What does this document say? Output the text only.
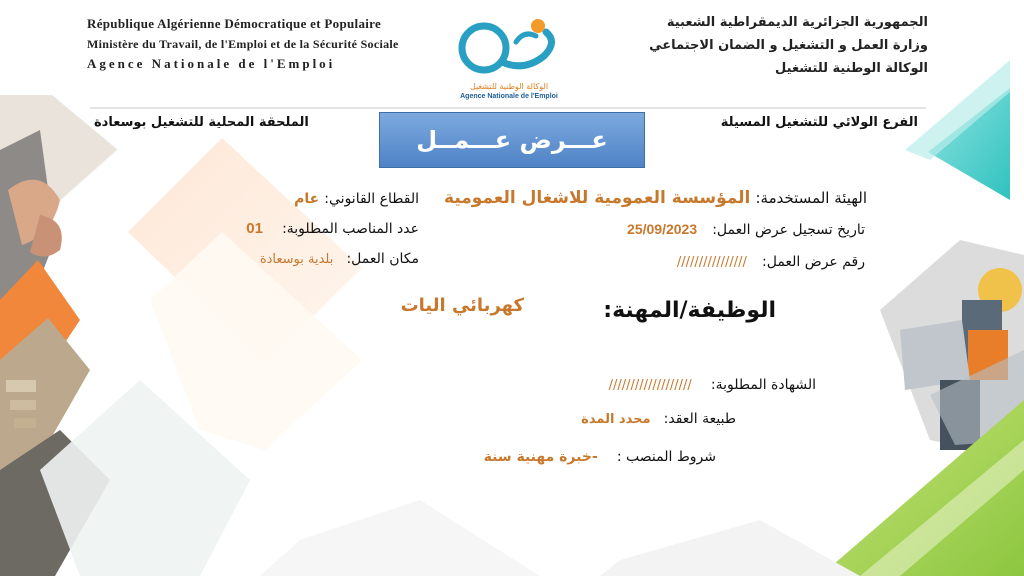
République Algérienne Démocratique et Populaire
Ministère du Travail, de l'Emploi et de la Sécurité Sociale
Agence Nationale de l'Emploi
الجمهورية الجزائرية الديمقراطية الشعبية
وزارة العمل و التشغيل و الضمان الاجتماعي
الوكالة الوطنية للتشغيل
الوكالة الوطنية للتشغيل
Agence Nationale de l'Emploi
الفرع الولائي للتشغيل المسيلة
الملحقة المحلية للتشغيل بوسعادة
عـــرض عـــمــل
الهيئة المستخدمة: المؤسسة العمومية للاشغال العمومية
القطاع القانوني: عام
تاريخ تسجيل عرض العمل: 25/09/2023
عدد المناصب المطلوبة: 01
رقم عرض العمل: ////////////////
مكان العمل: بلدية بوسعادة
الوظيفة/المهنة:
كهربائي اليات
الشهادة المطلوبة: ///////////////////
طبيعة العقد: محدد المدة
شروط المنصب : -خبرة مهنية سنة
